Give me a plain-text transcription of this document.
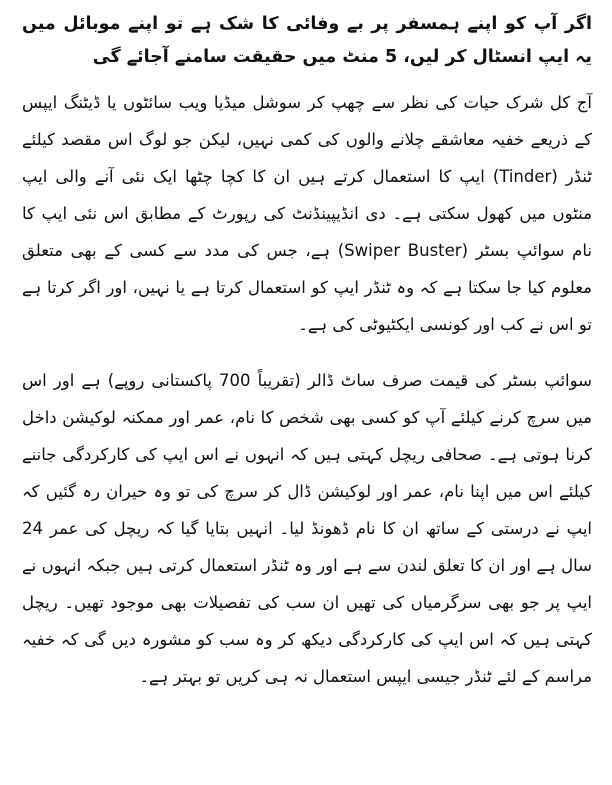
اگر آپ کو اپنے ہمسفر پر بے وفائی کا شک ہے تو اپنے موبائل میں یہ ایپ انسٹال کر لیں، 5 منٹ میں حقیقت سامنے آجائے گی

آج کل شرک حیات کی نظر سے چھپ کر سوشل میڈیا ویب سائٹوں یا ڈیٹنگ ایپس کے ذریعے خفیہ معاشقے چلانے والوں کی کمی نہیں، لیکن جو لوگ اس مقصد کیلئے ٹنڈر (Tinder) ایپ کا استعمال کرتے ہیں ان کا کچا چٹھا ایک نئی آنے والی ایپ منٹوں میں کھول سکتی ہے۔ دی انڈیپینڈنٹ کی رپورٹ کے مطابق اس نئی ایپ کا نام سوائپ بسٹر (Swiper Buster) ہے، جس کی مدد سے کسی کے بھی متعلق معلوم کیا جا سکتا ہے کہ وہ ٹنڈر ایپ کو استعمال کرتا ہے یا نہیں، اور اگر کرتا ہے تو اس نے کب اور کونسی ایکٹیوٹی کی ہے۔

سوائپ بسٹر کی قیمت صرف ساٹ ڈالر (تقریباً 700 پاکستانی روپے) ہے اور اس میں سرچ کرنے کیلئے آپ کو کسی بھی شخص کا نام، عمر اور ممکنہ لوکیشن داخل کرنا ہوتی ہے۔ صحافی ریچل کہتی ہیں کہ انہوں نے اس ایپ کی کارکردگی جاننے کیلئے اس میں اپنا نام، عمر اور لوکیشن ڈال کر سرچ کی تو وہ حیران رہ گئیں کہ ایپ نے درستی کے ساتھ ان کا نام ڈھونڈ لیا۔ انہیں بتایا گیا کہ ریچل کی عمر 24 سال ہے اور ان کا تعلق لندن سے ہے اور وہ ٹنڈر استعمال کرتی ہیں جبکہ انہوں نے ایپ پر جو بھی سرگرمیاں کی تھیں ان سب کی تفصیلات بھی موجود تھیں۔ ریچل کہتی ہیں کہ اس ایپ کی کارکردگی دیکھ کر وہ سب کو مشورہ دیں گی کہ خفیہ مراسم کے لئے ٹنڈر جیسی ایپس استعمال نہ ہی کریں تو بہتر ہے۔
